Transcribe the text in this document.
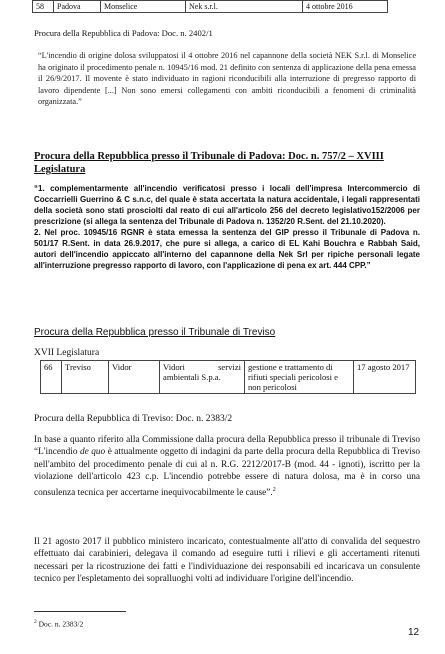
58	Padova	Monselice	Nek s.r.l.	4 ottobre 2016
Procura della Repubblica di Padova: Doc. n. 2402/1
“L'incendio di origine dolosa sviluppatosi il 4 ottobre 2016 nel capannone della società NEK S.r.l. di Monselice ha originato il procedimento penale n. 10945/16 mod. 21 definito con sentenza di applicazione della pena emessa il 26/9/2017. Il movente è stato individuato in ragioni riconducibili alla interruzione di pregresso rapporto di lavoro dipendente [...] Non sono emersi collegamenti con ambiti riconducibili a fenomeni di criminalità organizzata.”
Procura della Repubblica presso il Tribunale di Padova: Doc. n. 757/2 – XVIII Legislatura
“1. complementarmente all'incendio verificatosi presso i locali dell'impresa Intercommercio di Coccarrielli Guerrino & C s.n.c, del quale è stata accertata la natura accidentale, i legali rappresentati della società sono stati prosciolti dal reato di cui all'articolo 256 del decreto legislativo152/2006 per prescrizione (si allega la sentenza del Tribunale di Padova n. 1352/20 R.Sent. del 21.10.2020).
2. Nel proc. 10945/16 RGNR è stata emessa la sentenza del GIP presso il Tribunale di Padova n. 501/17 R.Sent. in data 26.9.2017, che pure si allega, a carico di EL Kahi Bouchra e Rabbah Said, autori dell'incendio appiccato all'interno del capannone della Nek Srl per ripiche personali legate all'interruzione pregresso rapporto di lavoro, con l'applicazione di pena ex art. 444 CPP.”
Procura della Repubblica presso il Tribunale di Treviso
XVII Legislatura
66	Treviso	Vidor	Vidori servizi ambientali S.p.a.	gestione e trattamento di rifiuti speciali pericolosi e non pericolosi	17 agosto 2017
Procura della Repubblica di Treviso: Doc. n. 2383/2
In base a quanto riferito alla Commissione dalla procura della Repubblica presso il tribunale di Treviso “L'incendio de quo è attualmente oggetto di indagini da parte della procura della Repubblica di Treviso nell'ambito del procedimento penale di cui al n. R.G. 2212/2017-B (mod. 44 - ignoti), iscritto per la violazione dell'articolo 423 c.p. L'incendio potrebbe essere di natura dolosa, ma è in corso una consulenza tecnica per accertarne inequivocabilmente le cause”.$^2$
Il 21 agosto 2017 il pubblico ministero incaricato, contestualmente all'atto di convalida del sequestro effettuato dai carabinieri, delegava il comando ad eseguire tutti i rilievi e gli accertamenti ritenuti necessari per la ricostruzione dei fatti e l'individuazione dei responsabili ed incaricava un consulente tecnico per l'espletamento dei sopralluoghi volti ad individuare l'origine dell'incendio.
$^2$ Doc. n. 2383/2
12
